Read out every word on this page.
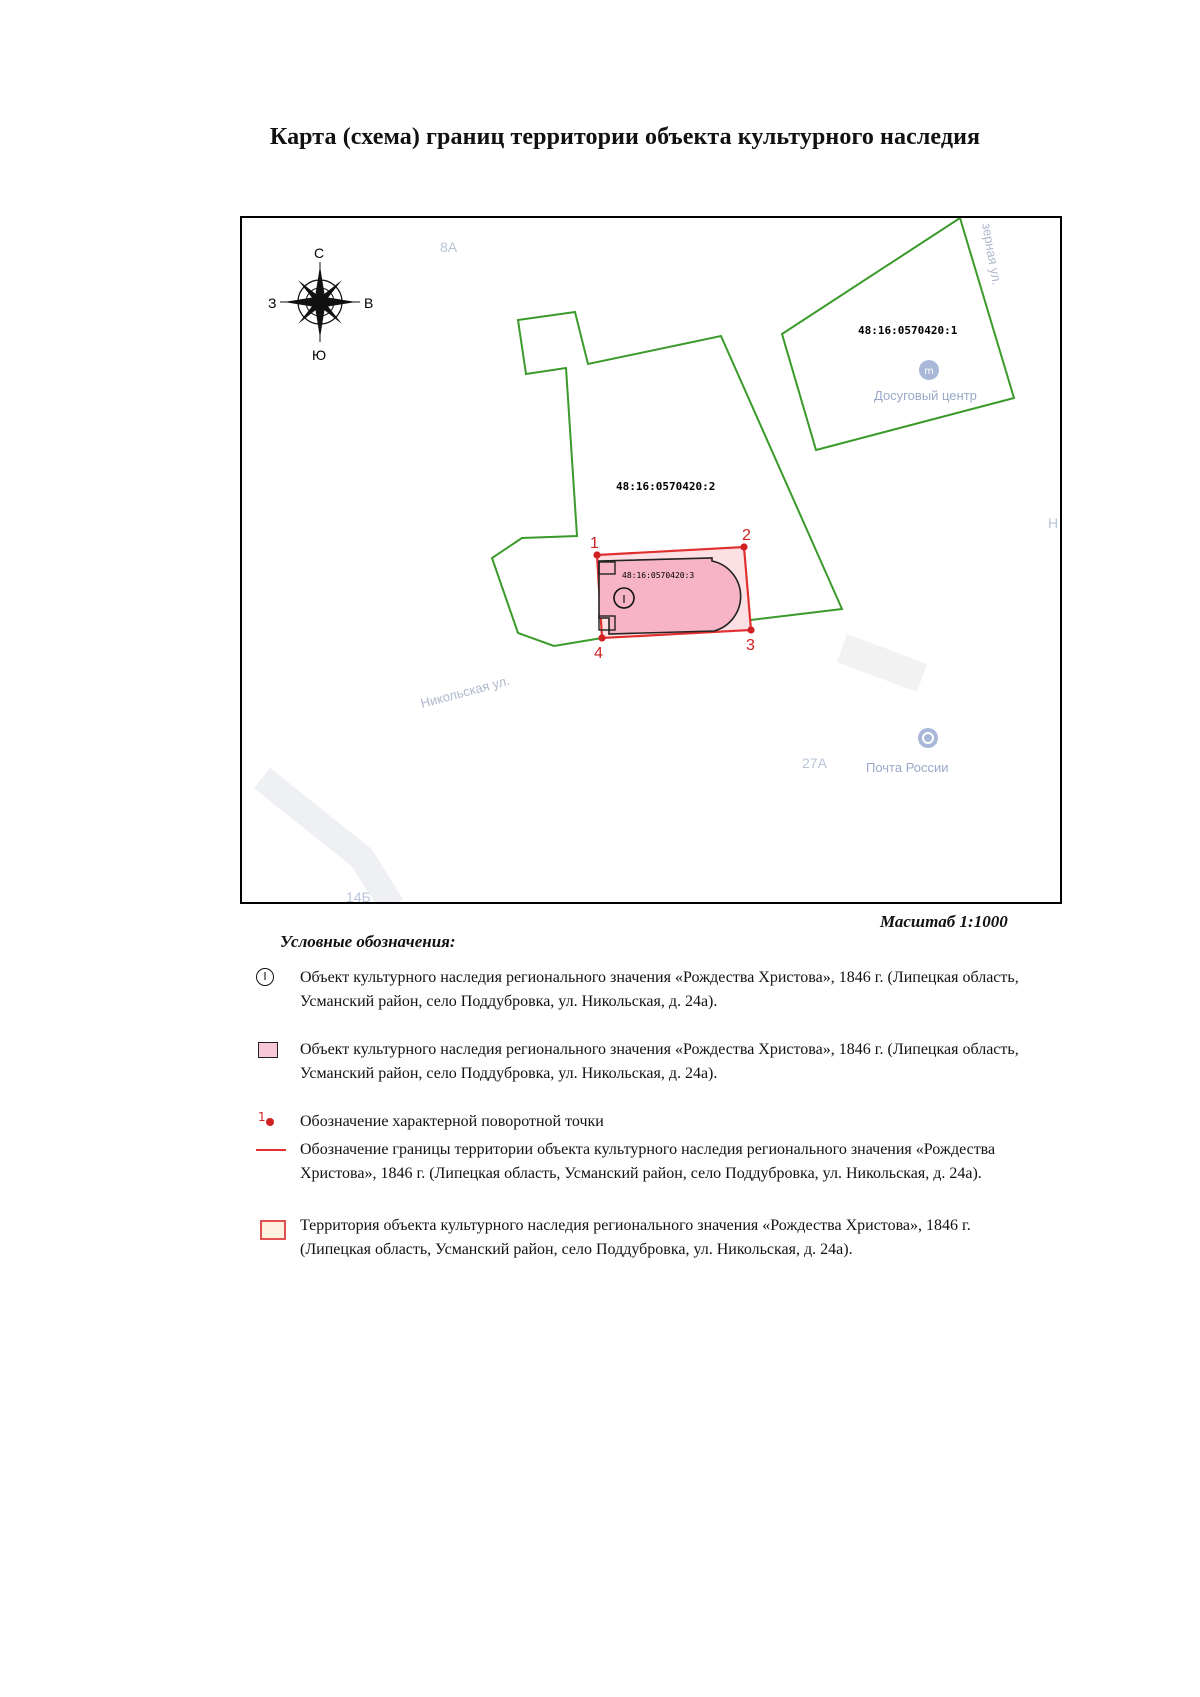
Карта (схема) границ территории объекта культурного наследия
8А
27А
14Б
Никольская ул.
зерная ул.
Н
m
Досуговый центр
Почта России
С
Ю
З	В
I
1	2
3
4
48:16:0570420:2
48:16:0570420:1
48:16:0570420:3
Масштаб 1:1000
Условные обозначения:
I	Объект культурного наследия регионального значения «Рождества Христова», 1846 г. (Липецкая область, Усманский район, село Поддубровка, ул. Никольская, д. 24а).
Объект культурного наследия регионального значения «Рождества Христова», 1846 г. (Липецкая область, Усманский район, село Поддубровка, ул. Никольская, д. 24а).
1 Обозначение характерной поворотной точки
Обозначение границы территории объекта культурного наследия регионального значения «Рождества Христова», 1846 г. (Липецкая область, Усманский район, село Поддубровка, ул. Никольская, д. 24а).
Территория объекта культурного наследия регионального значения «Рождества Христова», 1846 г. (Липецкая область, Усманский район, село Поддубровка, ул. Никольская, д. 24а).
